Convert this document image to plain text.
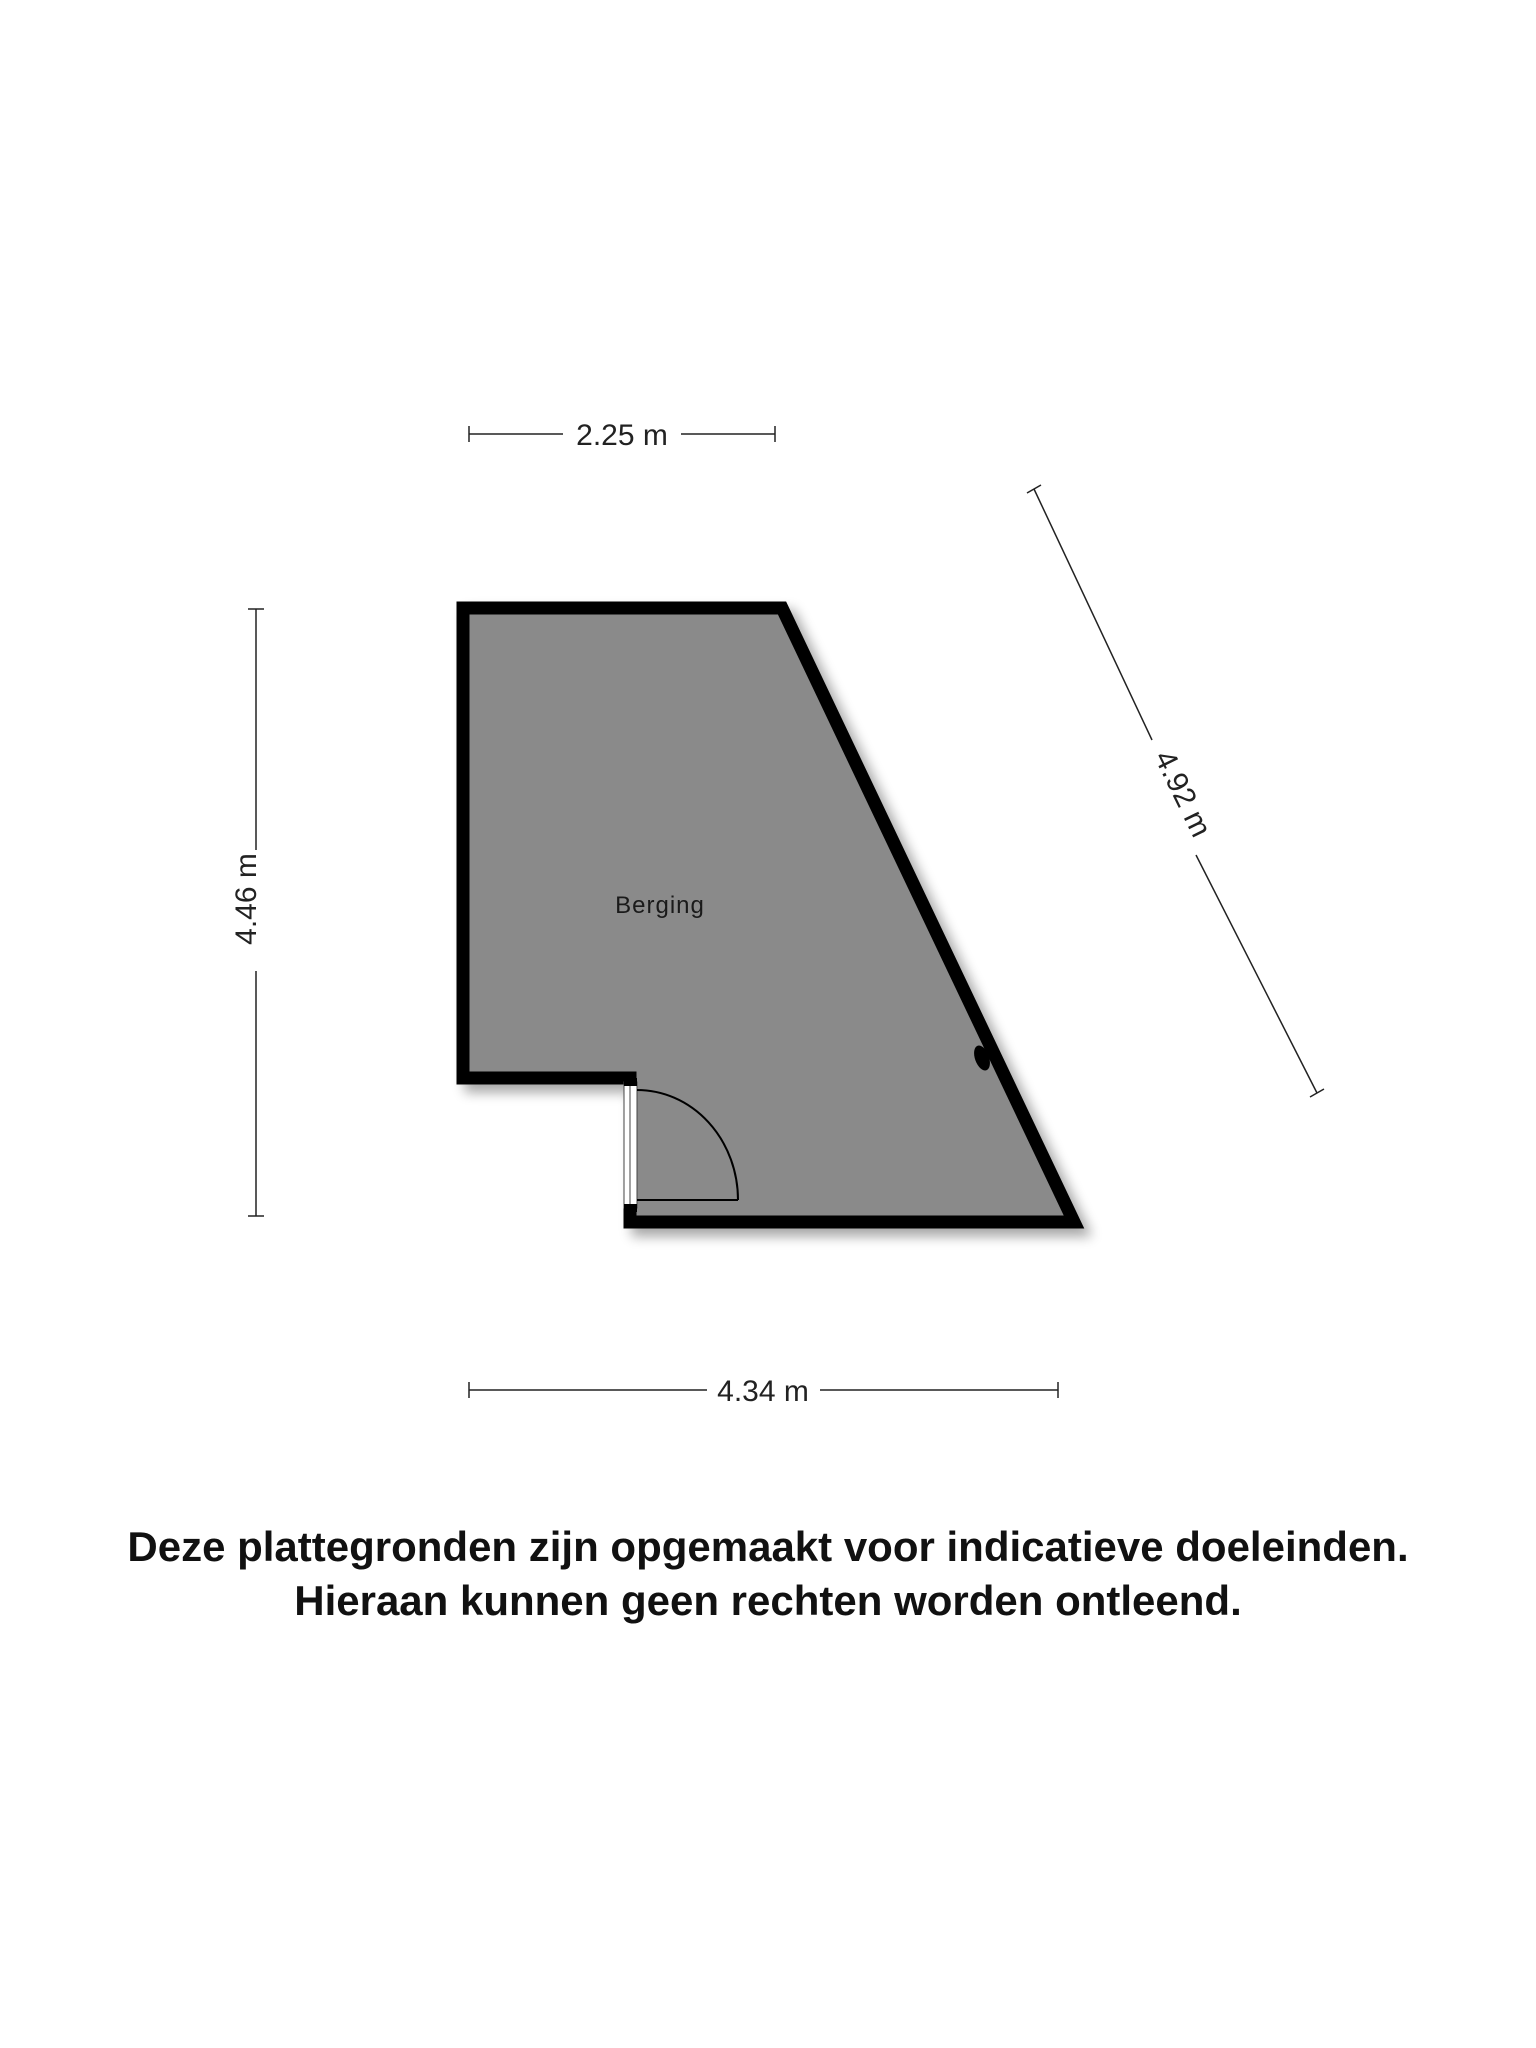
Berging
2.25 m
4.46 m
4.92 m
4.34 m
Deze plattegronden zijn opgemaakt voor indicatieve doeleinden.
Hieraan kunnen geen rechten worden ontleend.
